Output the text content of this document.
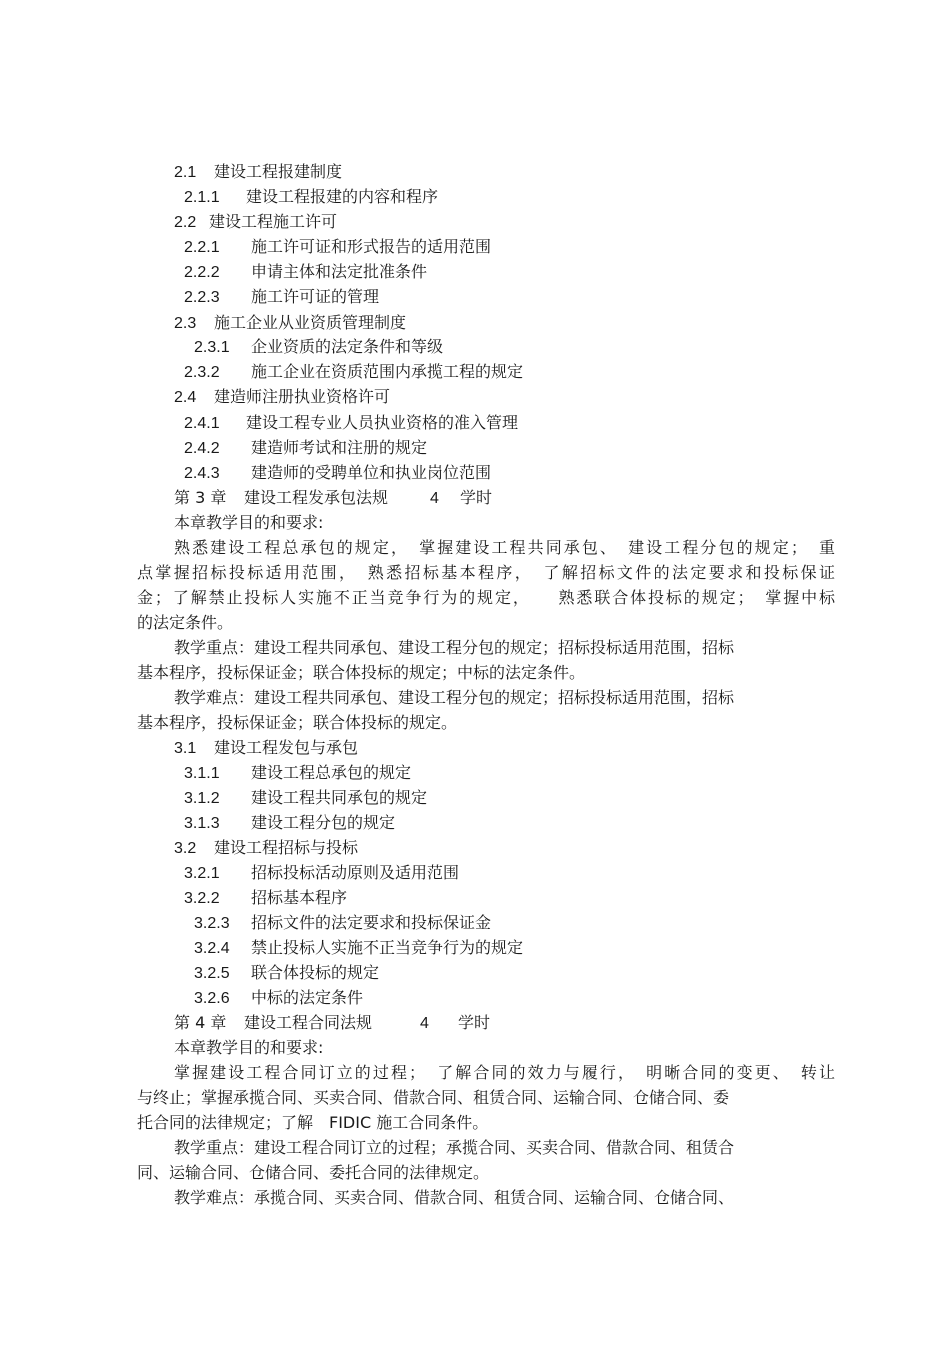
2.1 建设工程报建制度
2.1.1 建设工程报建的内容和程序
2.2 建设工程施工许可
2.2.1 施工许可证和形式报告的适用范围
2.2.2 申请主体和法定批准条件
2.2.3 施工许可证的管理
2.3 施工企业从业资质管理制度
2.3.1 企业资质的法定条件和等级
2.3.2 施工企业在资质范围内承揽工程的规定
2.4 建造师注册执业资格许可
2.4.1 建设工程专业人员执业资格的准入管理
2.4.2 建造师考试和注册的规定
2.4.3 建造师的受聘单位和执业岗位范围
第 3 章 建设工程发承包法规	4 学时
本章教学目的和要求:
熟悉建设工程总承包的规定，　掌握建设工程共同承包、　建设工程分包的规定；　重
点掌握招标投标适用范围，　熟悉招标基本程序，　了解招标文件的法定要求和投标保证
金；了解禁止投标人实施不正当竞争行为的规定，　　熟悉联合体投标的规定；　掌握中标
的法定条件。
教学重点：建设工程共同承包、建设工程分包的规定；招标投标适用范围，招标
基本程序，投标保证金；联合体投标的规定；中标的法定条件。
教学难点：建设工程共同承包、建设工程分包的规定；招标投标适用范围，招标
基本程序，投标保证金；联合体投标的规定。
3.1 建设工程发包与承包
3.1.1 建设工程总承包的规定
3.1.2 建设工程共同承包的规定
3.1.3 建设工程分包的规定
3.2 建设工程招标与投标
3.2.1 招标投标活动原则及适用范围
3.2.2 招标基本程序
3.2.3 招标文件的法定要求和投标保证金
3.2.4 禁止投标人实施不正当竞争行为的规定
3.2.5 联合体投标的规定
3.2.6 中标的法定条件
第 4 章 建设工程合同法规	4 学时
本章教学目的和要求:
掌握建设工程合同订立的过程；　了解合同的效力与履行，　明晰合同的变更、　转让
与终止；掌握承揽合同、买卖合同、借款合同、租赁合同、运输合同、仓储合同、委
托合同的法律规定；了解　FIDIC 施工合同条件。
教学重点：建设工程合同订立的过程；承揽合同、买卖合同、借款合同、租赁合
同、运输合同、仓储合同、委托合同的法律规定。
教学难点：承揽合同、买卖合同、借款合同、租赁合同、运输合同、仓储合同、
